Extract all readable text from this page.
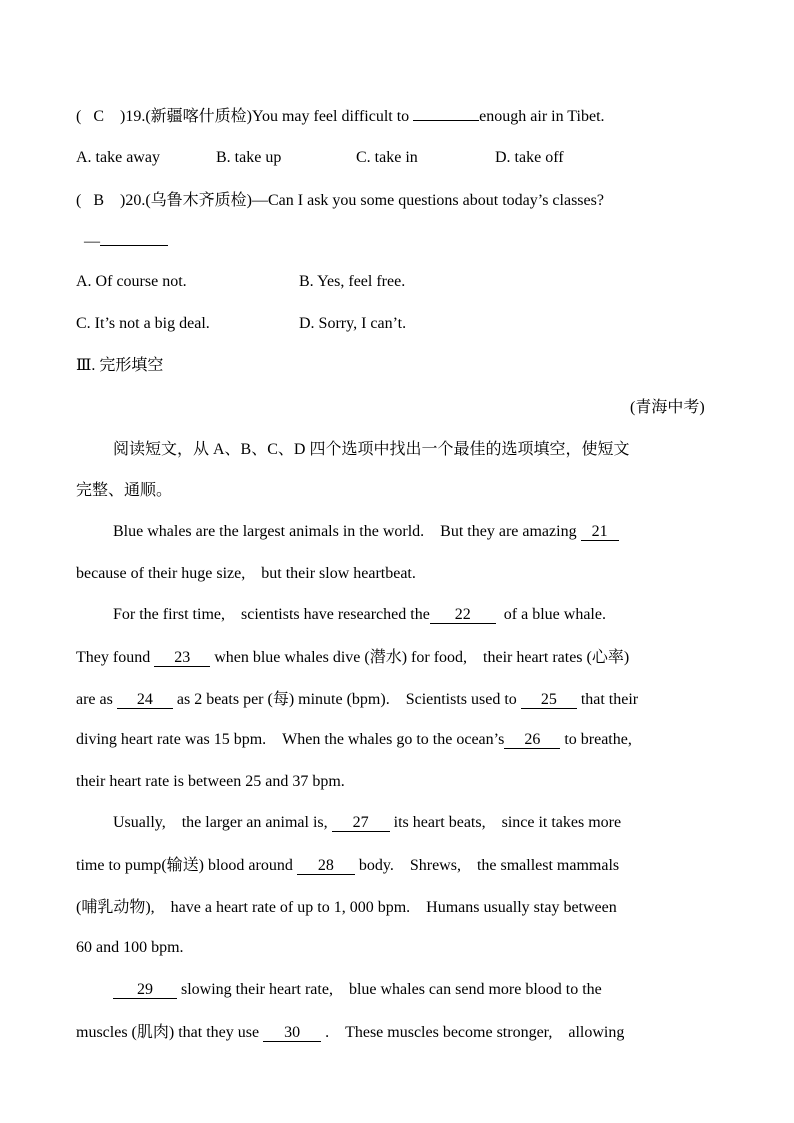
(   C )19.(新疆喀什质检)You may feel difficult to	enough air in Tibet.
A. take away	B. take up	C. take in	D. take off
(   B )20.(乌鲁木齐质检)—Can I ask you some questions about today’s classes?
—
A. Of course not.	B. Yes, feel free.
C. It’s not a big deal.	D. Sorry, I can’t.
Ⅲ. 完形填空
(青海中考)
阅读短文，从 A、B、C、D 四个选项中找出一个最佳的选项填空，使短文
完整、通顺。
Blue whales are the largest animals in the world.　But they are amazing 21
because of their huge size,　but their slow heartbeat.
For the first time,　scientists have researched the 22 of a blue whale.
They found 23 when blue whales dive (潜水) for food,　their heart rates (心率)
are as 24 as 2 beats per (每) minute (bpm).　Scientists used to 25 that their
diving heart rate was 15 bpm.　When the whales go to the ocean’s 26 to breathe,
their heart rate is between 25 and 37 bpm.
Usually,　the larger an animal is, 27 its heart beats,　since it takes more
time to pump(输送) blood around 28 body.　Shrews,　the smallest mammals
(哺乳动物),　have a heart rate of up to 1, 000 bpm.　Humans usually stay between
60 and 100 bpm.
29 slowing their heart rate,　blue whales can send more blood to the
muscles (肌肉) that they use 30 .　These muscles become stronger,　allowing
